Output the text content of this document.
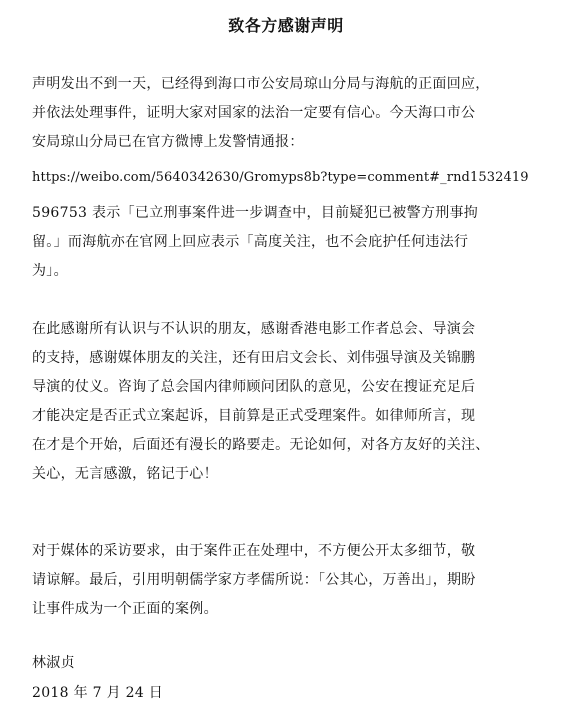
致各方感谢声明
声明发出不到一天，已经得到海口市公安局琼山分局与海航的正面回应，
并依法处理事件，证明大家对国家的法治一定要有信心。今天海口市公
安局琼山分局已在官方微博上发警情通报：
https://weibo.com/5640342630/Gromyps8b?type=comment#_rnd1532419
596753 表示「已立刑事案件进一步调查中，目前疑犯已被警方刑事拘
留。」而海航亦在官网上回应表示「高度关注，也不会庇护任何违法行
为」。
在此感谢所有认识与不认识的朋友，感谢香港电影工作者总会、导演会
的支持，感谢媒体朋友的关注，还有田启文会长、刘伟强导演及关锦鹏
导演的仗义。咨询了总会国内律师顾问团队的意见，公安在搜证充足后
才能决定是否正式立案起诉，目前算是正式受理案件。如律师所言，现
在才是个开始，后面还有漫长的路要走。无论如何，对各方友好的关注、
关心，无言感激，铭记于心！
对于媒体的采访要求，由于案件正在处理中，不方便公开太多细节，敬
请谅解。最后，引用明朝儒学家方孝儒所说：「公其心，万善出」，期盼
让事件成为一个正面的案例。
林淑贞
2018 年 7 月 24 日
